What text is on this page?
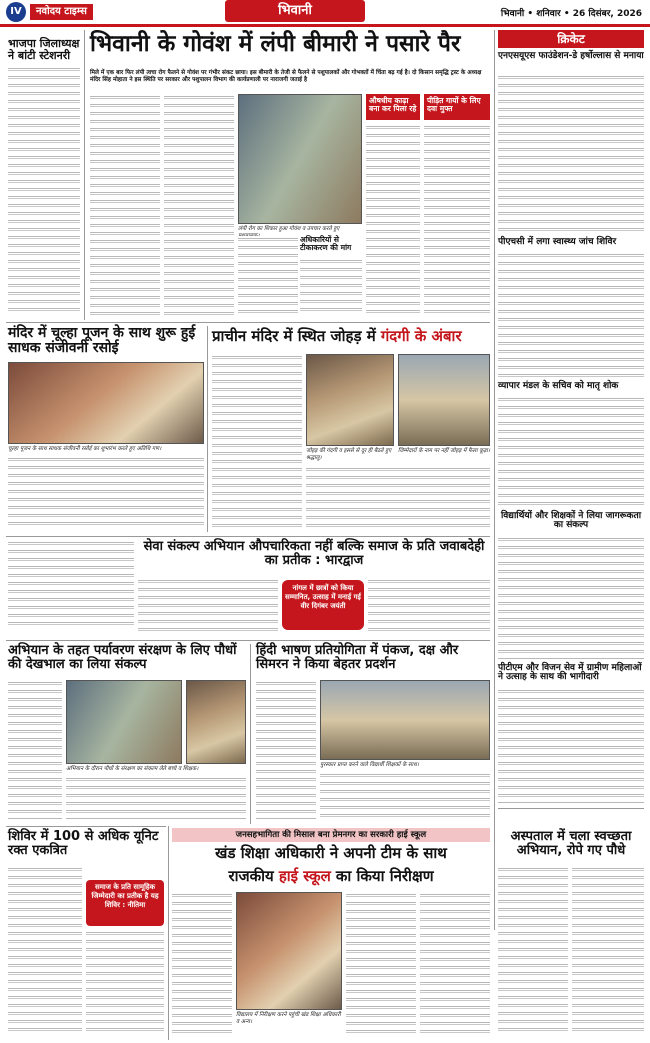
IV	नवोदय टाइम्स	भिवानी	भिवानी • शनिवार • 26 दिसंबर, 2026
भाजपा जिलाध्यक्ष ने बांटी स्टेशनरी भिवानी के गोवंश में लंपी बीमारी ने पसारे पैर
मिले में एक बार फिर लंपी त्वचा रोग फैलने से गोवंश पर गंभीर संकट छाया। इस बीमारी के तेजी से फैलने से पशुपालकों और गोभक्तों में चिंता बढ़ गई है। दो किसान समृद्धि ट्रस्ट के अध्यक्ष मंदिर सिंह मोहाता ने इस स्थिति पर सरकार और पशुपालन विभाग की कार्यप्रणाली पर नाराजगी जताई है
लंपी रोग का शिकार हुआ गोवंश व उपचार करते हुए
अधिकारियों से टीकाकरण की मांग
औषधीय काढ़ा बना कर पिला रहे
पीड़ित गायों के लिए दवा मुफ्त
क्रिकेट
एनएसयूएस फाउंडेशन-डे हर्षोल्लास से मनाया
पीएचसी में लगा स्वास्थ्य जांच शिविर
व्यापार मंडल के सचिव को मातृ शोक
विद्यार्थियों और शिक्षकों ने लिया जागरूकता का संकल्प
पीटीएम और विजन सेव में ग्रामीण महिलाओं ने उत्साह के साथ की भागीदारी
मंदिर में चूल्हा पूजन के साथ शुरू हुई साधक संजीवनी रसोई
चूल्हा पूजन के साथ साधक संजीवनी रसोई का शुभारंभ करते हुए अतिथि गण।
प्राचीन मंदिर में स्थित जोहड़ में गंदगी के अंबार
जोहड़ की गंदगी व इससे से दूर ही बैठते हुए श्रद्धालु।
जिम्मेदारों के नाम पर नहीं जोहड़ में फैला कूड़ा।
सेवा संकल्प अभियान औपचारिकता नहीं बल्कि समाज के प्रति जवाबदेही का प्रतीक : भारद्वाज
नांगल में छात्रों को किया सम्मानित, उत्साह में मनाई गई वीर दिगंबर जयंती
अभियान के तहत पर्यावरण संरक्षण के लिए पौधों की देखभाल का लिया संकल्प
अभियान के दौरान पौधों के संरक्षण का संकल्प लेते बच्चे व शिक्षक।
हिंदी भाषण प्रतियोगिता में पंकज, दक्ष और सिमरन ने किया बेहतर प्रदर्शन
पुरस्कार प्राप्त करने वाले विद्यार्थी शिक्षकों के साथ।
शिविर में 100 से अधिक यूनिट रक्त एकत्रित
समाज के प्रति सामूहिक जिम्मेदारी का प्रतीक है यह शिविर : नीतिमा
जनसहभागिता की मिसाल बना प्रेमनगर का सरकारी हाई स्कूल
खंड शिक्षा अधिकारी ने अपनी टीम के साथ
राजकीय हाई स्कूल का किया निरीक्षण
विद्यालय में निरीक्षण करने पहुंची खंड शिक्षा अधिकारी व अन्य।
अस्पताल में चला स्वच्छता अभियान, रोपे गए पौधे
